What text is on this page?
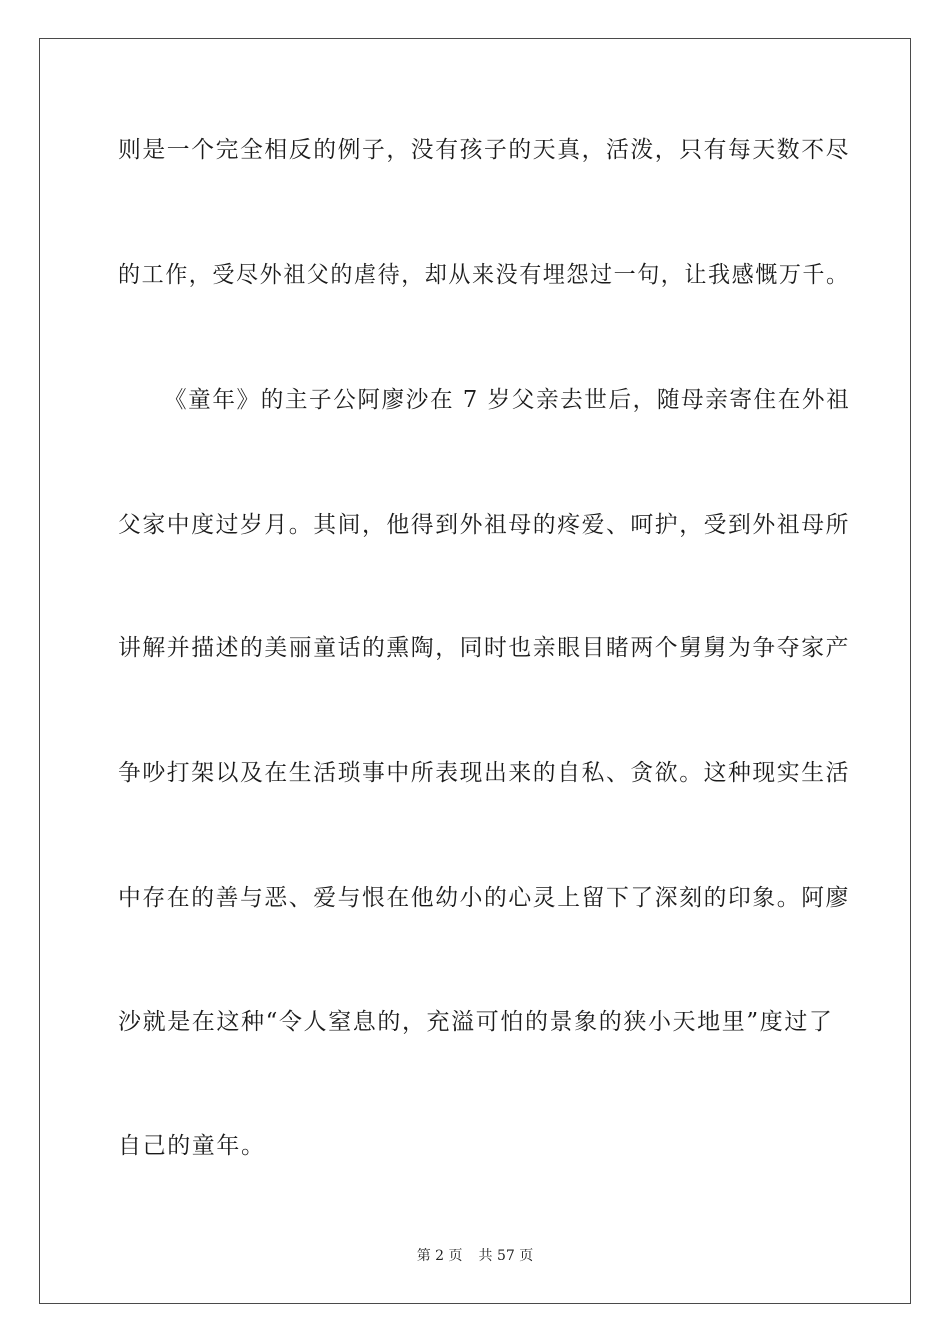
则是一个完全相反的例子，没有孩子的天真，活泼，只有每天数不尽
的工作，受尽外祖父的虐待，却从来没有埋怨过一句，让我感慨万千。
《童年》的主子公阿廖沙在 7 岁父亲去世后，随母亲寄住在外祖
父家中度过岁月。其间，他得到外祖母的疼爱、呵护，受到外祖母所
讲解并描述的美丽童话的熏陶，同时也亲眼目睹两个舅舅为争夺家产
争吵打架以及在生活琐事中所表现出来的自私、贪欲。这种现实生活
中存在的善与恶、爱与恨在他幼小的心灵上留下了深刻的印象。阿廖
沙就是在这种“令人窒息的，充溢可怕的景象的狭小天地里”度过了
自己的童年。
第 2 页 共 57 页
